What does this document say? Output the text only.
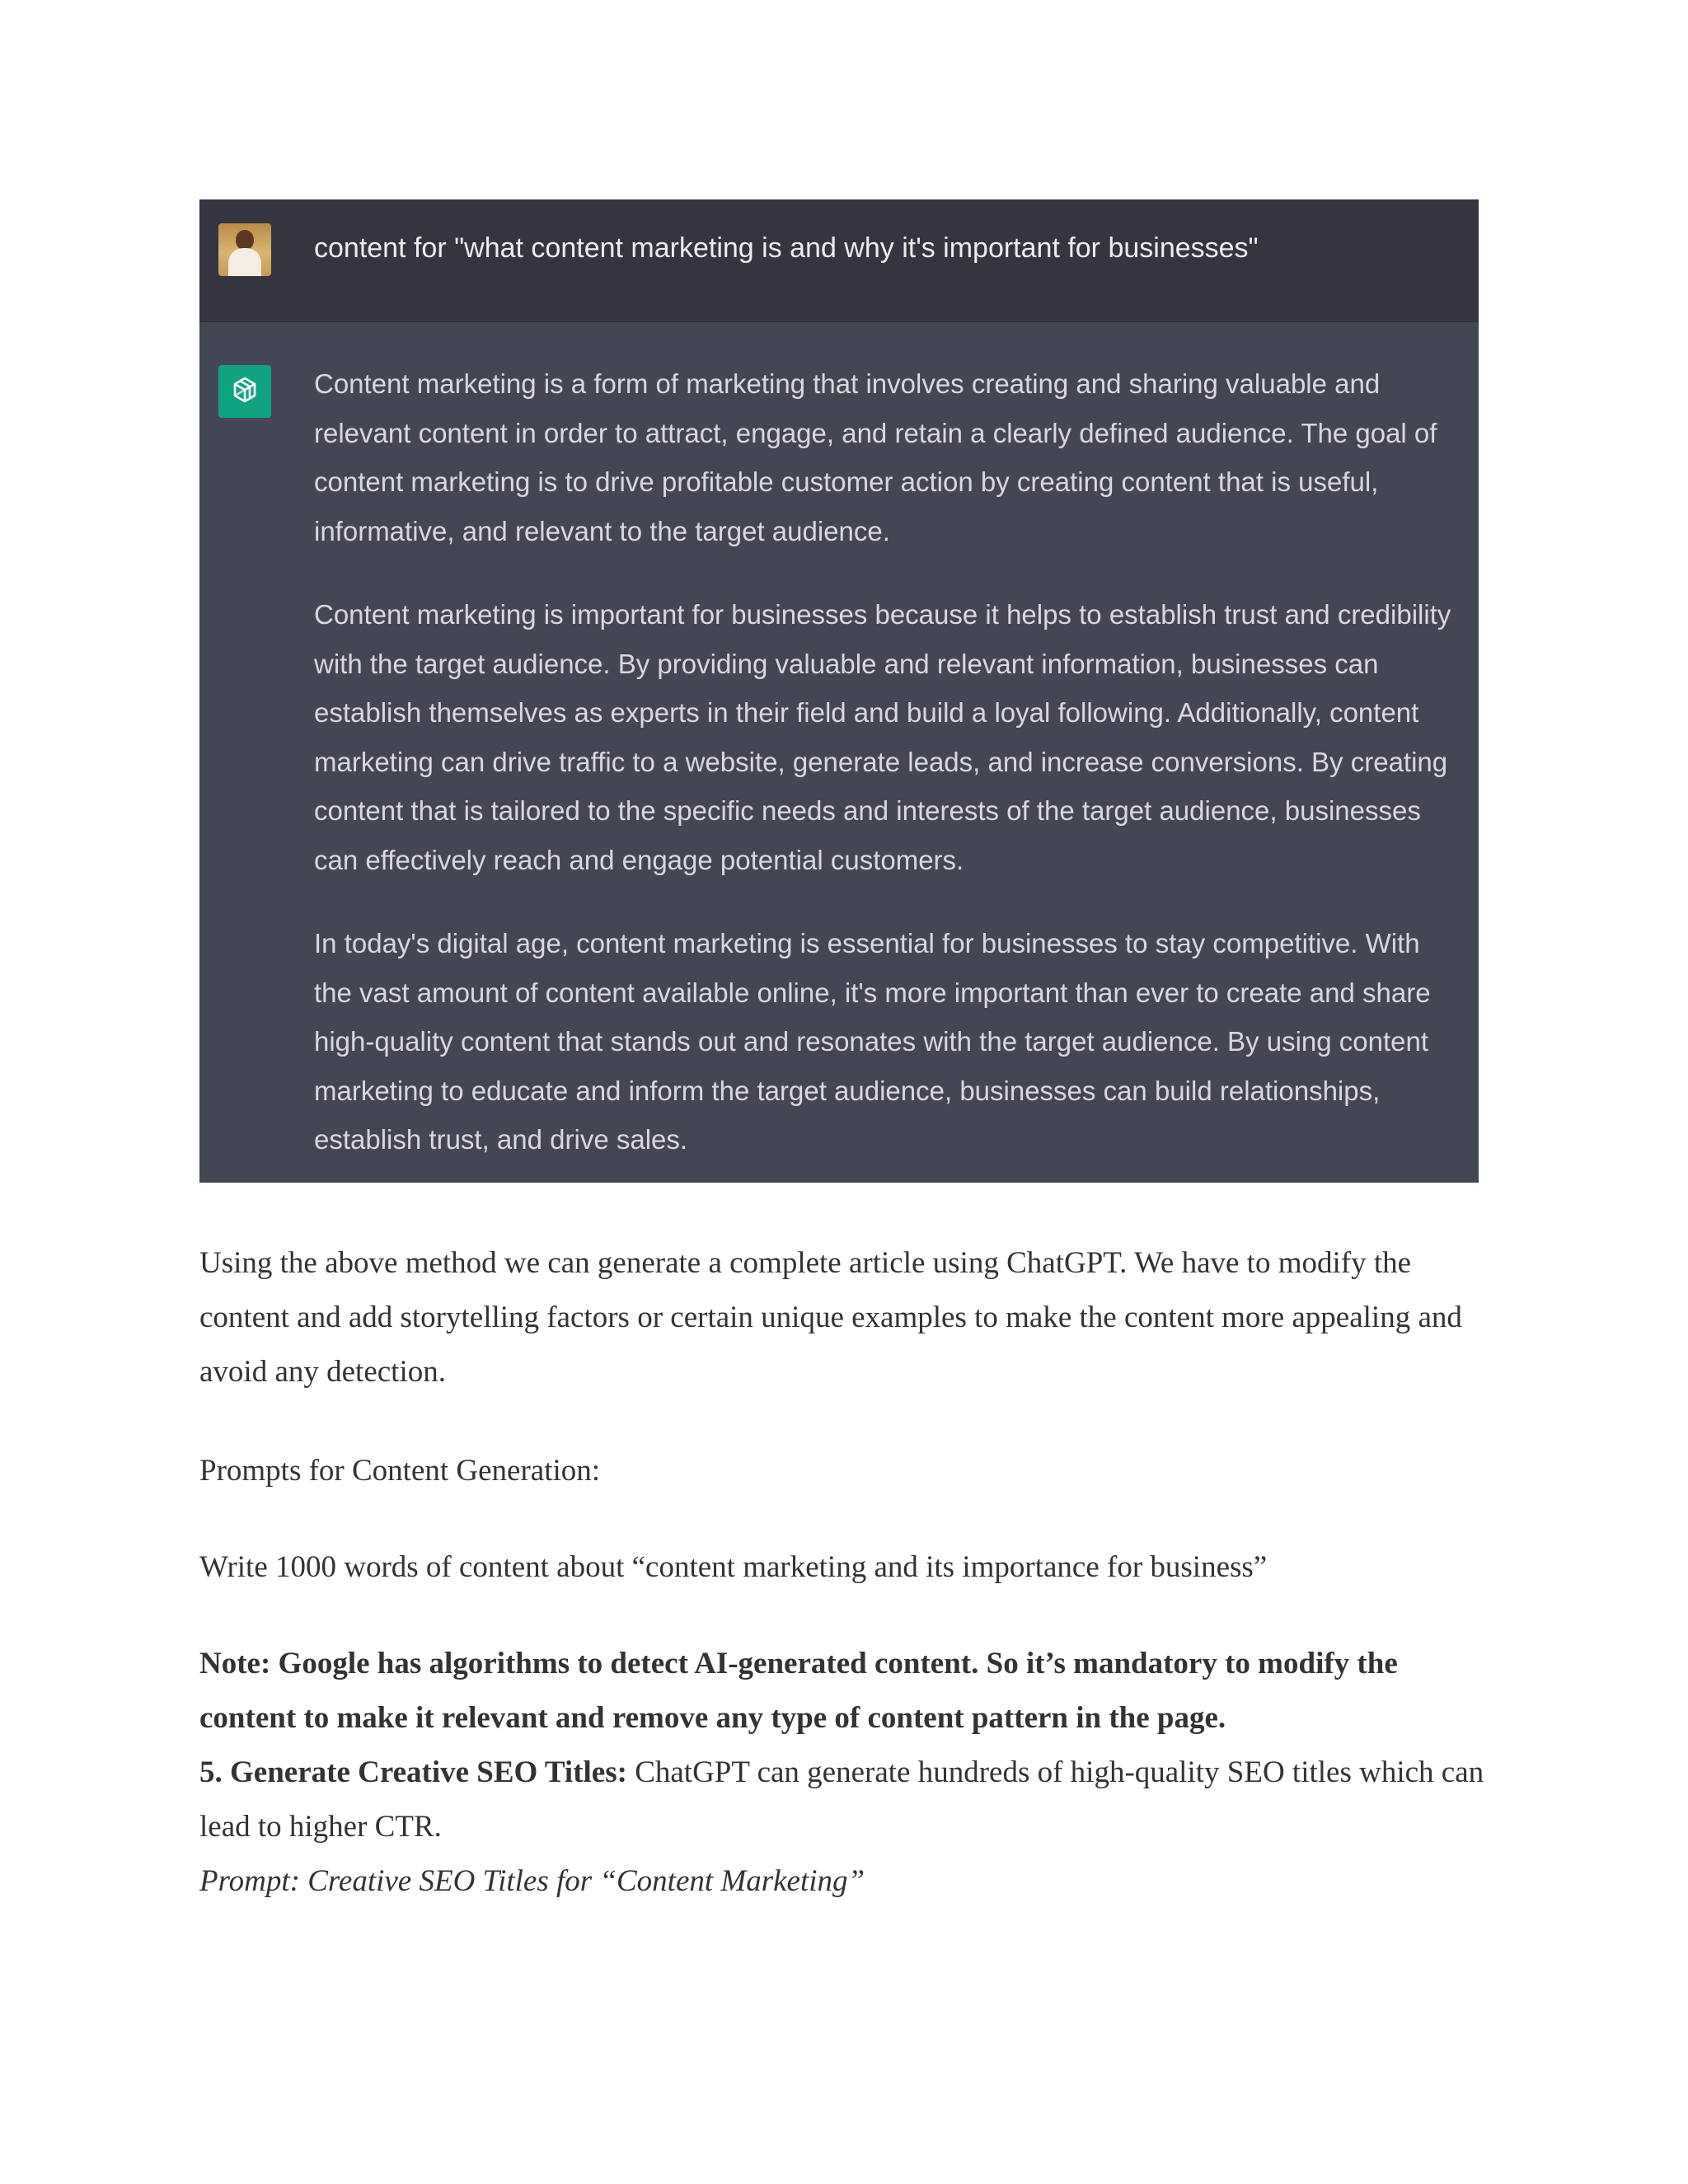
content for "what content marketing is and why it's important for businesses"

Content marketing is a form of marketing that involves creating and sharing valuable and relevant content in order to attract, engage, and retain a clearly defined audience. The goal of content marketing is to drive profitable customer action by creating content that is useful, informative, and relevant to the target audience.

Content marketing is important for businesses because it helps to establish trust and credibility with the target audience. By providing valuable and relevant information, businesses can establish themselves as experts in their field and build a loyal following. Additionally, content marketing can drive traffic to a website, generate leads, and increase conversions. By creating content that is tailored to the specific needs and interests of the target audience, businesses can effectively reach and engage potential customers.

In today's digital age, content marketing is essential for businesses to stay competitive. With the vast amount of content available online, it's more important than ever to create and share high-quality content that stands out and resonates with the target audience. By using content marketing to educate and inform the target audience, businesses can build relationships, establish trust, and drive sales.

Using the above method we can generate a complete article using ChatGPT. We have to modify the content and add storytelling factors or certain unique examples to make the content more appealing and avoid any detection.

Prompts for Content Generation:

Write 1000 words of content about “content marketing and its importance for business”

Note: Google has algorithms to detect AI-generated content. So it’s mandatory to modify the content to make it relevant and remove any type of content pattern in the page.

5. Generate Creative SEO Titles: ChatGPT can generate hundreds of high-quality SEO titles which can lead to higher CTR.

Prompt: Creative SEO Titles for “Content Marketing”
